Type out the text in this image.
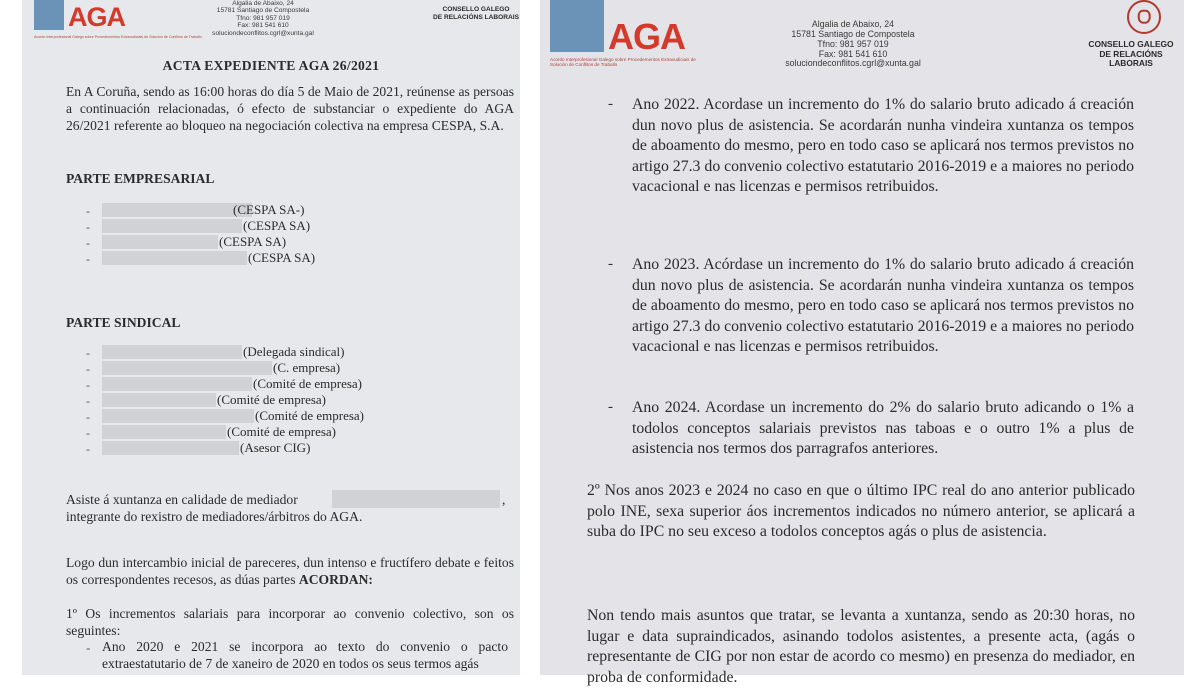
AGA
Acordo Interprofesional Galego sobre Procedementos Extraxudiciais de Solución de Conflitos de Traballo
Algalia de Abaixo, 24
15781 Santiago de Compostela
Tfno: 981 957 019
Fax: 981 541 610
soluciondeconflitos.cgrl@xunta.gal
CONSELLO GALEGO
DE RELACIÓNS LABORAIS
ACTA EXPEDIENTE AGA 26/2021
En A Coruña, sendo as 16:00 horas do día 5 de Maio de 2021, reúnense as persoas a continuación relacionadas, ó efecto de substanciar o expediente do AGA 26/2021 referente ao bloqueo na negociación colectiva na empresa CESPA, S.A.
PARTE EMPRESARIAL
-	(CESPA SA-)
-	(CESPA SA)
-	(CESPA SA)
-	(CESPA SA)
PARTE SINDICAL
-	(Delegada sindical)
-	(C. empresa)
-	(Comité de empresa)
-	(Comité de empresa)
-	(Comité de empresa)
-	(Comité de empresa)
-	(Asesor CIG)
Asiste á xuntanza en calidade de mediador	,
integrante do rexistro de mediadores/árbitros do AGA.
Logo dun intercambio inicial de pareceres, dun intenso e fructífero debate e feitos os correspondentes recesos, as dúas partes ACORDAN:
1º Os incrementos salariais para incorporar ao convenio colectivo, son os seguintes:
- Ano 2020 e 2021 se incorpora ao texto do convenio o pacto extraestatutario de 7 de xaneiro de 2020 en todos os seus termos agás
AGA
Acordo Interprofesional Galego sobre Procedementos Extraxudiciais de Solución de Conflitos de Traballo
Algalia de Abaixo, 24
15781 Santiago de Compostela
Tfno: 981 957 019
Fax: 981 541 610
soluciondeconflitos.cgrl@xunta.gal
CONSELLO GALEGO
DE RELACIÓNS LABORAIS
- Ano 2022. Acordase un incremento do 1% do salario bruto adicado á creación dun novo plus de asistencia. Se acordarán nunha vindeira xuntanza os tempos de aboamento do mesmo, pero en todo caso se aplicará nos termos previstos no artigo 27.3 do convenio colectivo estatutario 2016-2019 e a maiores no periodo vacacional e nas licenzas e permisos retribuidos.
- Ano 2023. Acórdase un incremento do 1% do salario bruto adicado á creación dun novo plus de asistencia. Se acordarán nunha vindeira xuntanza os tempos de aboamento do mesmo, pero en todo caso se aplicará nos termos previstos no artigo 27.3 do convenio colectivo estatutario 2016-2019 e a maiores no periodo vacacional e nas licenzas e permisos retribuidos.
- Ano 2024. Acordase un incremento do 2% do salario bruto adicando o 1% a todolos conceptos salariais previstos nas taboas e o outro 1% a plus de asistencia nos termos dos parragrafos anteriores.
2º Nos anos 2023 e 2024 no caso en que o último IPC real do ano anterior publicado polo INE, sexa superior áos incrementos indicados no número anterior, se aplicará a suba do IPC no seu exceso a todolos conceptos agás o plus de asistencia.
Non tendo mais asuntos que tratar, se levanta a xuntanza, sendo as 20:30 horas, no lugar e data supraindicados, asinando todolos asistentes, a presente acta, (agás o representante de CIG por non estar de acordo co mesmo) en presenza do mediador, en proba de conformidade.
